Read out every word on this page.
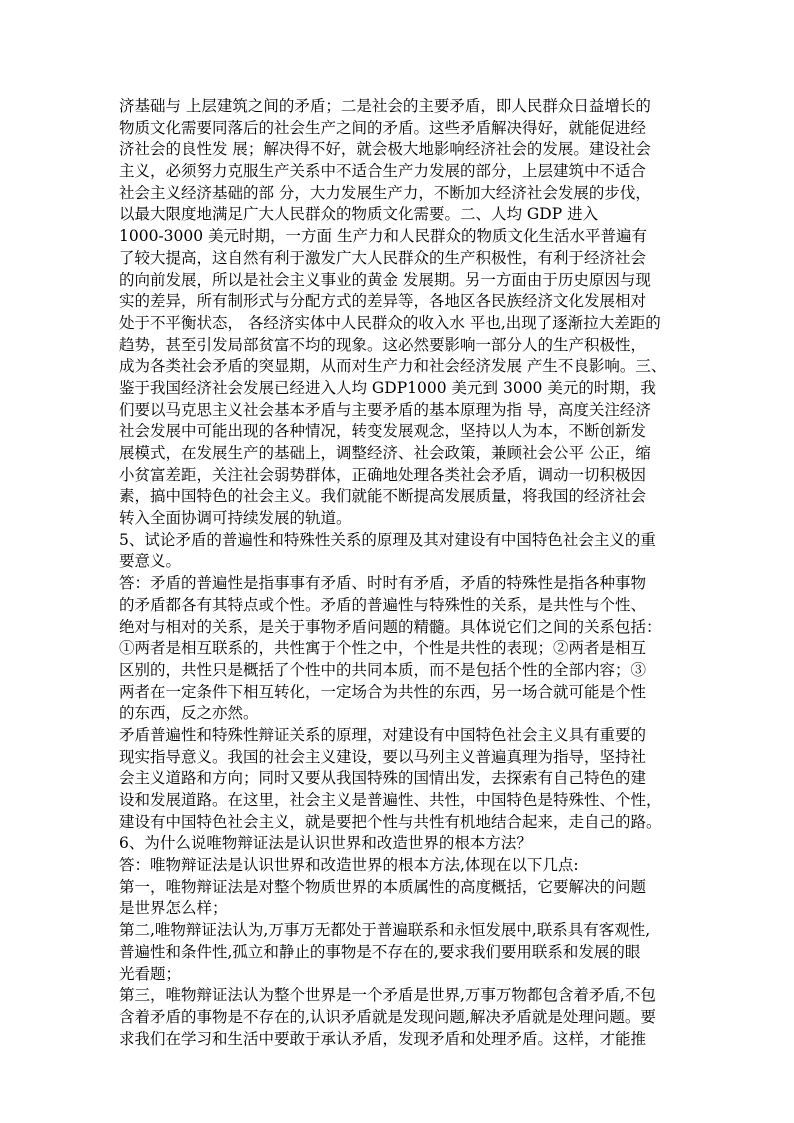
济基础与 上层建筑之间的矛盾；二是社会的主要矛盾，即人民群众日益增长的
物质文化需要同落后的社会生产之间的矛盾。这些矛盾解决得好，就能促进经
济社会的良性发 展；解决得不好，就会极大地影响经济社会的发展。建设社会
主义，必须努力克服生产关系中不适合生产力发展的部分，上层建筑中不适合
社会主义经济基础的部 分，大力发展生产力，不断加大经济社会发展的步伐，
以最大限度地满足广大人民群众的物质文化需要。二、人均 GDP 进入
1000-3000 美元时期，一方面 生产力和人民群众的物质文化生活水平普遍有
了较大提高，这自然有利于激发广大人民群众的生产积极性，有利于经济社会
的向前发展，所以是社会主义事业的黄金 发展期。另一方面由于历史原因与现
实的差异，所有制形式与分配方式的差异等，各地区各民族经济文化发展相对
处于不平衡状态， 各经济实体中人民群众的收入水 平也,出现了逐渐拉大差距的
趋势，甚至引发局部贫富不均的现象。这必然要影响一部分人的生产积极性，
成为各类社会矛盾的突显期，从而对生产力和社会经济发展 产生不良影响。三、
鉴于我国经济社会发展已经进入人均 GDP1000 美元到 3000 美元的时期，我
们要以马克思主义社会基本矛盾与主要矛盾的基本原理为指 导，高度关注经济
社会发展中可能出现的各种情况，转变发展观念，坚持以人为本，不断创新发
展模式，在发展生产的基础上，调整经济、社会政策，兼顾社会公平 公正，缩
小贫富差距，关注社会弱势群体，正确地处理各类社会矛盾，调动一切积极因
素，搞中国特色的社会主义。我们就能不断提高发展质量，将我国的经济社会
转入全面协调可持续发展的轨道。
5、试论矛盾的普遍性和特殊性关系的原理及其对建设有中国特色社会主义的重
要意义。
答：矛盾的普遍性是指事事有矛盾、时时有矛盾，矛盾的特殊性是指各种事物
的矛盾都各有其特点或个性。矛盾的普遍性与特殊性的关系，是共性与个性、
绝对与相对的关系，是关于事物矛盾问题的精髓。具体说它们之间的关系包括：
①两者是相互联系的，共性寓于个性之中，个性是共性的表现；②两者是相互
区别的，共性只是概括了个性中的共同本质，而不是包括个性的全部内容；③
两者在一定条件下相互转化，一定场合为共性的东西，另一场合就可能是个性
的东西，反之亦然。
矛盾普遍性和特殊性辩证关系的原理，对建设有中国特色社会主义具有重要的
现实指导意义。我国的社会主义建设，要以马列主义普遍真理为指导，坚持社
会主义道路和方向；同时又要从我国特殊的国情出发，去探索有自己特色的建
设和发展道路。在这里，社会主义是普遍性、共性，中国特色是特殊性、个性，
建设有中国特色社会主义，就是要把个性与共性有机地结合起来，走自己的路。
6、为什么说唯物辩证法是认识世界和改造世界的根本方法？
答：唯物辩证法是认识世界和改造世界的根本方法,体现在以下几点:
第一，唯物辩证法是对整个物质世界的本质属性的高度概括，它要解决的问题
是世界怎么样；
第二,唯物辩证法认为,万事万无都处于普遍联系和永恒发展中,联系具有客观性,
普遍性和条件性,孤立和静止的事物是不存在的,要求我们要用联系和发展的眼
光看题；
第三，唯物辩证法认为整个世界是一个矛盾是世界,万事万物都包含着矛盾,不包
含着矛盾的事物是不存在的,认识矛盾就是发现问题,解决矛盾就是处理问题。要
求我们在学习和生活中要敢于承认矛盾，发现矛盾和处理矛盾。这样，才能推
